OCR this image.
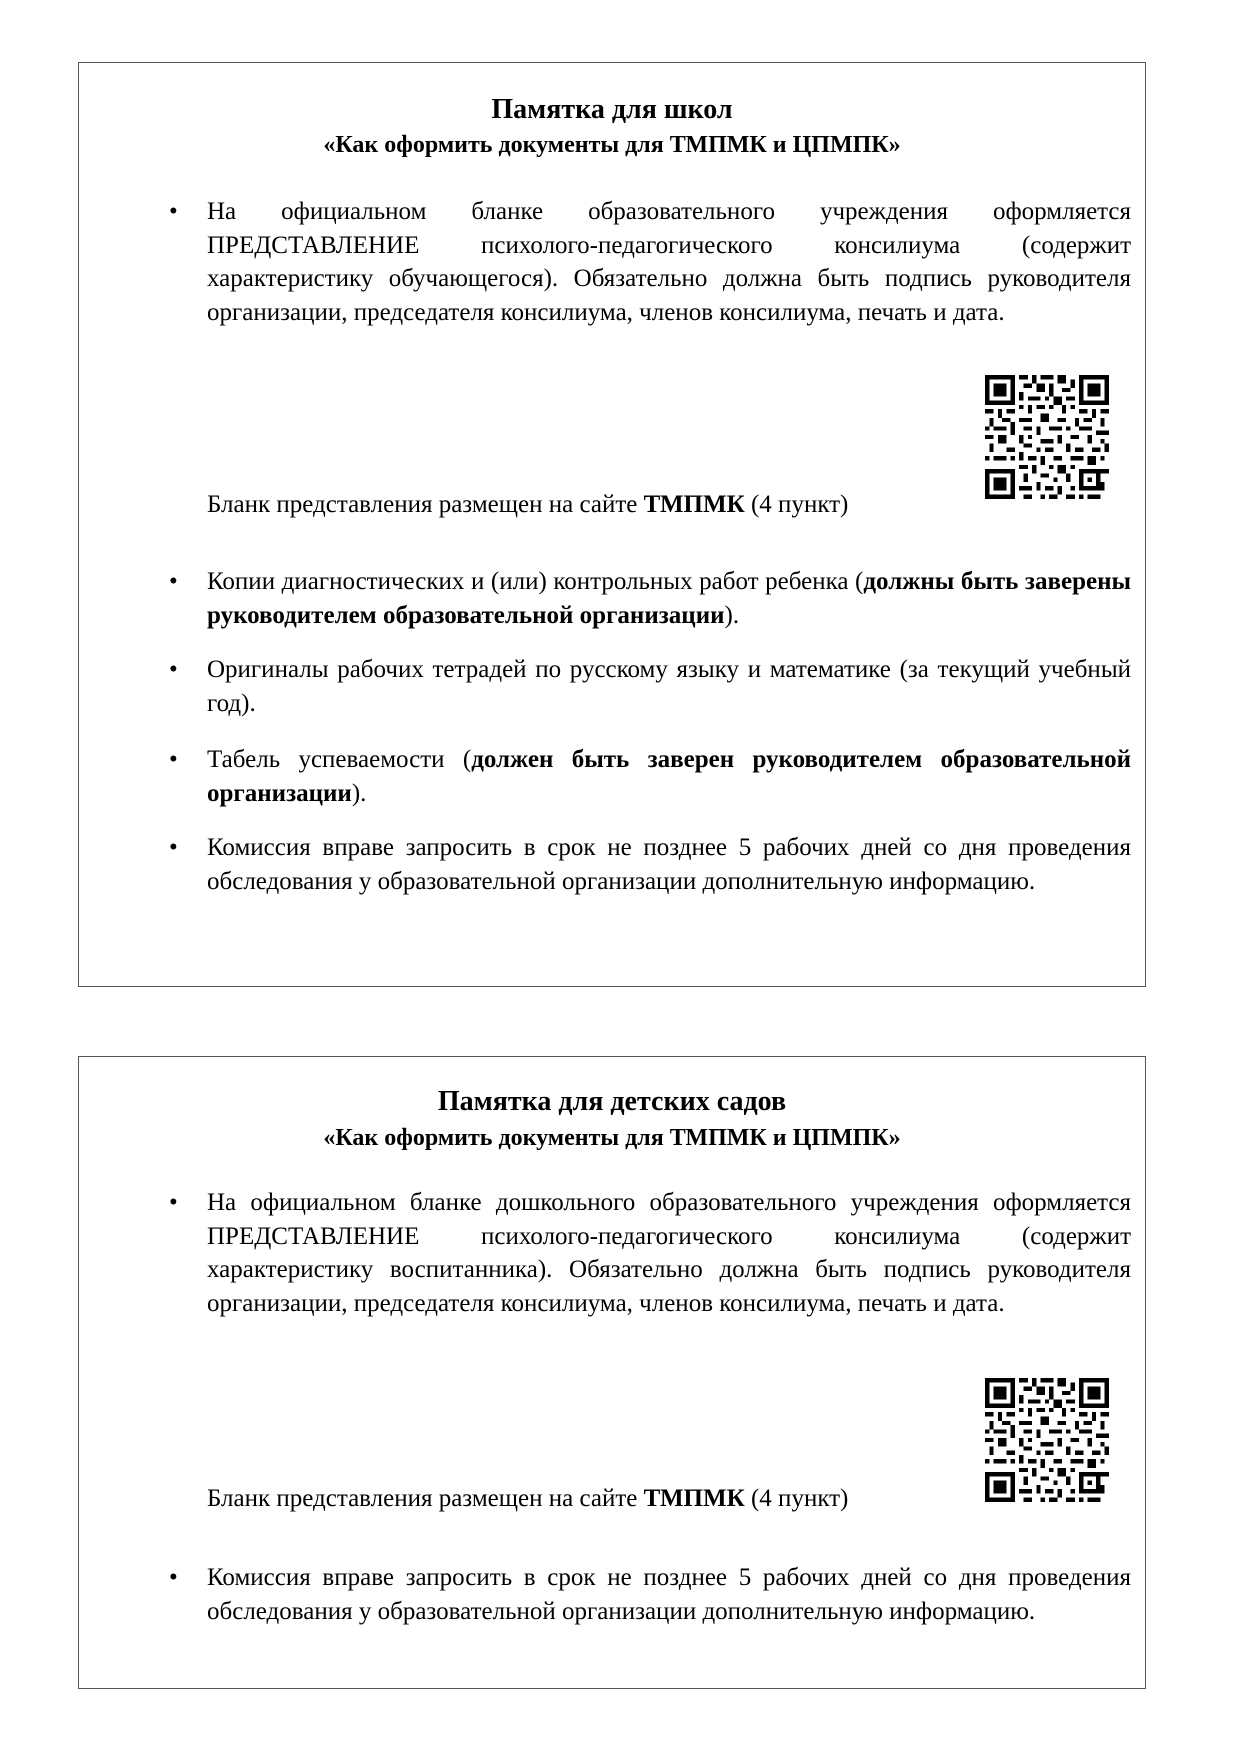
Памятка для школ
«Как оформить документы для ТМПМК и ЦПМПК»
•
На официальном бланке образовательного учреждения оформляется ПРЕДСТАВЛЕНИЕ психолого-педагогического консилиума (содержит характеристику обучающегося). Обязательно должна быть подпись руководителя организации, председателя консилиума, членов консилиума, печать и дата.
Бланк представления размещен на сайте ТМПМК (4 пункт)
•
Копии диагностических и (или) контрольных работ ребенка (должны быть заверены руководителем образовательной организации).
•
Оригиналы рабочих тетрадей по русскому языку и математике (за текущий учебный год).
•
Табель успеваемости (должен быть заверен руководителем образовательной организации).
•
Комиссия вправе запросить в срок не позднее 5 рабочих дней со дня проведения обследования у образовательной организации дополнительную информацию.
Памятка для детских садов
«Как оформить документы для ТМПМК и ЦПМПК»
•
На официальном бланке дошкольного образовательного учреждения оформляется ПРЕДСТАВЛЕНИЕ психолого-педагогического консилиума (содержит характеристику воспитанника). Обязательно должна быть подпись руководителя организации, председателя консилиума, членов консилиума, печать и дата.
Бланк представления размещен на сайте ТМПМК (4 пункт)
•
Комиссия вправе запросить в срок не позднее 5 рабочих дней со дня проведения обследования у образовательной организации дополнительную информацию.
